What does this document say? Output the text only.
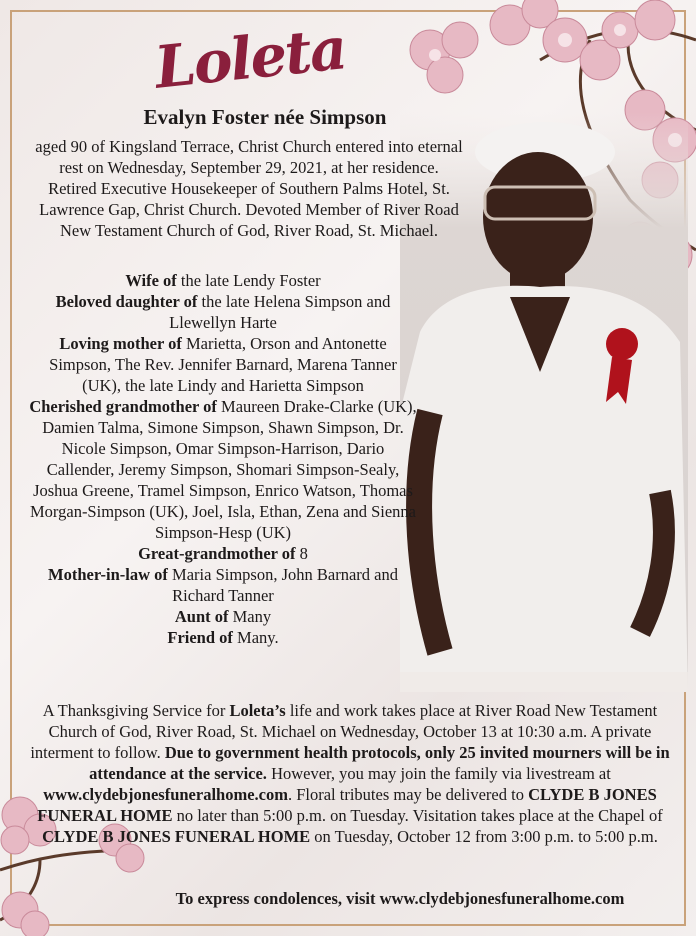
Loleta
Evalyn Foster née Simpson

aged 90 of Kingsland Terrace, Christ Church entered into eternal rest on Wednesday, September 29, 2021, at her residence. Retired Executive Housekeeper of Southern Palms Hotel, St. Lawrence Gap, Christ Church. Devoted Member of River Road New Testament Church of God, River Road, St. Michael.

Wife of the late Lendy Foster
Beloved daughter of the late Helena Simpson and Llewellyn Harte
Loving mother of Marietta, Orson and Antonette Simpson, The Rev. Jennifer Barnard, Marena Tanner (UK), the late Lindy and Harietta Simpson
Cherished grandmother of Maureen Drake-Clarke (UK), Damien Talma, Simone Simpson, Shawn Simpson, Dr. Nicole Simpson, Omar Simpson-Harrison, Dario Callender, Jeremy Simpson, Shomari Simpson-Sealy, Joshua Greene, Tramel Simpson, Enrico Watson, Thomas Morgan-Simpson (UK), Joel, Isla, Ethan, Zena and Sienna Simpson-Hesp (UK)
Great-grandmother of 8
Mother-in-law of Maria Simpson, John Barnard and Richard Tanner
Aunt of Many
Friend of Many.
A Thanksgiving Service for Loleta’s life and work takes place at River Road New Testament Church of God, River Road, St. Michael on Wednesday, October 13 at 10:30 a.m. A private interment to follow. Due to government health protocols, only 25 invited mourners will be in attendance at the service. However, you may join the family via livestream at www.clydebjonesfuneralhome.com. Floral tributes may be delivered to CLYDE B JONES FUNERAL HOME no later than 5:00 p.m. on Tuesday. Visitation takes place at the Chapel of CLYDE B JONES FUNERAL HOME on Tuesday, October 12 from 3:00 p.m. to 5:00 p.m.
To express condolences, visit www.clydebjonesfuneralhome.com
